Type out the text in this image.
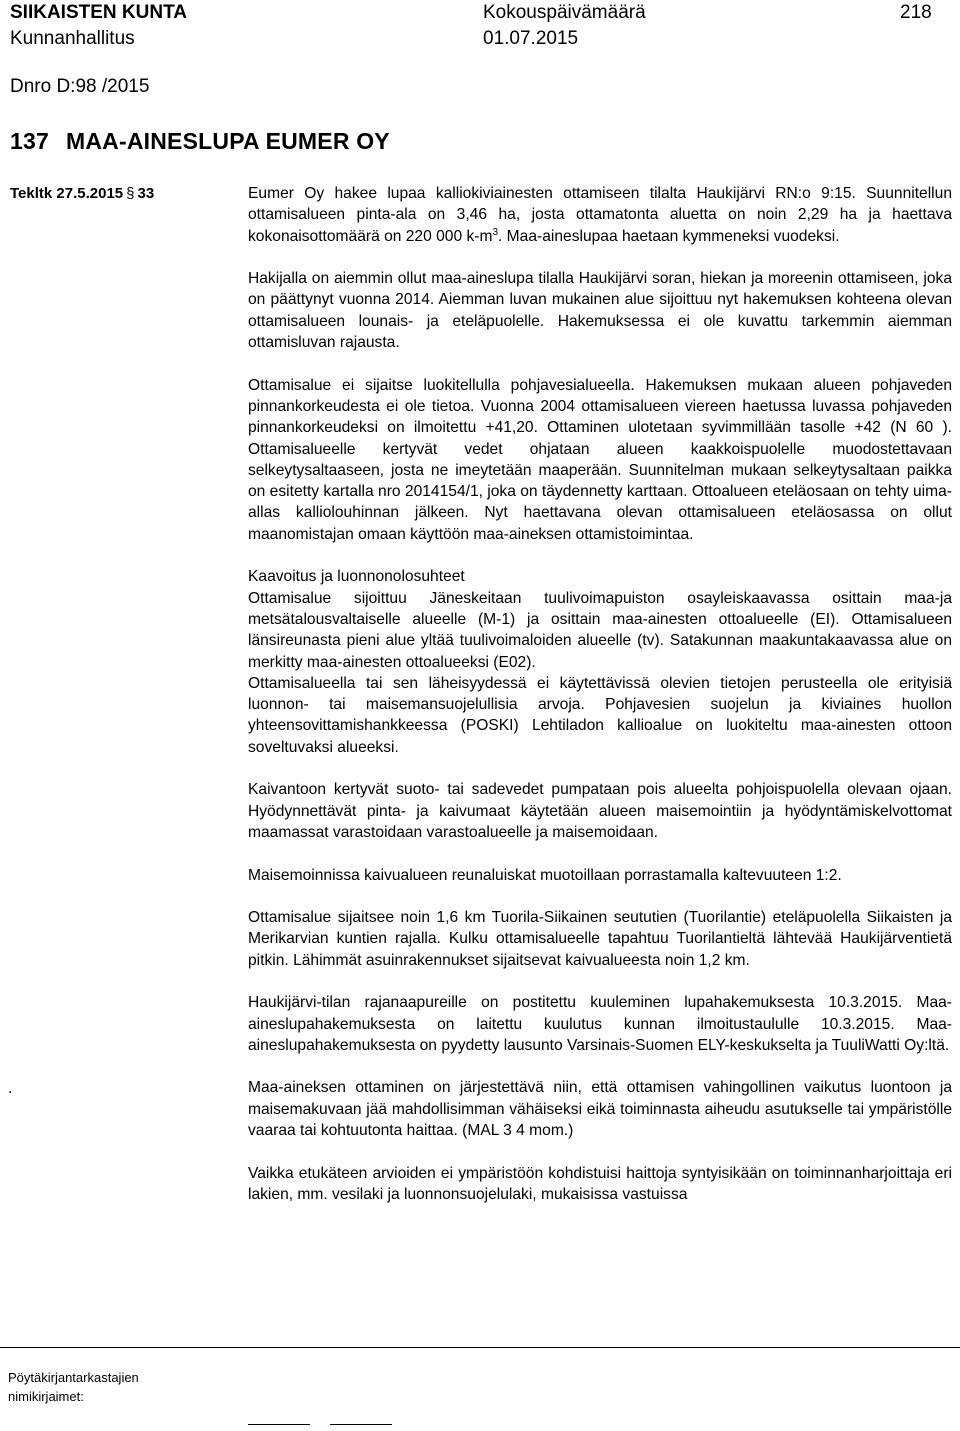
SIIKAISTEN KUNTA
Kunnanhallitus
Kokouspäivämäärä
01.07.2015
218
Dnro D:98 /2015
137 MAA-AINESLUPA EUMER OY
Tekltk 27.5.2015 § 33
.

Eumer Oy hakee lupaa kalliokiviainesten ottamiseen tilalta Haukijärvi RN:o 9:15. Suunnitellun ottamisalueen pinta-ala on 3,46 ha, josta ottamatonta aluetta on noin 2,29 ha ja haettava kokonaisottomäärä on 220 000 $k-m^3$. Maa-aineslupaa haetaan kymmeneksi vuodeksi.

Hakijalla on aiemmin ollut maa-aineslupa tilalla Haukijärvi soran, hiekan ja moreenin ottamiseen, joka on päättynyt vuonna 2014. Aiemman luvan mukainen alue sijoittuu nyt hakemuksen kohteena olevan ottamisalueen lounais- ja eteläpuolelle. Hakemuksessa ei ole kuvattu tarkemmin aiemman ottamisluvan rajausta.

Ottamisalue ei sijaitse luokitellulla pohjavesialueella. Hakemuksen mukaan alueen pohjaveden pinnankorkeudesta ei ole tietoa. Vuonna 2004 ottamisalueen viereen haetussa luvassa pohjaveden pinnankorkeudeksi on ilmoitettu +41,20. Ottaminen ulotetaan syvimmillään tasolle +42 (N 60 ). Ottamisalueelle kertyvät vedet ohjataan alueen kaakkoispuolelle muodostettavaan selkeytysaltaaseen, josta ne imeytetään maaperään. Suunnitelman mukaan selkeytysaltaan paikka on esitetty kartalla nro 2014154/1, joka on täydennetty karttaan. Ottoalueen eteläosaan on tehty uima-allas kalliolouhinnan jälkeen. Nyt haettavana olevan ottamisalueen eteläosassa on ollut maanomistajan omaan käyttöön maa-aineksen ottamistoimintaa.

Kaavoitus ja luonnonolosuhteet

Ottamisalue sijoittuu Jäneskeitaan tuulivoimapuiston osayleiskaavassa osittain maa-ja metsätalousvaltaiselle alueelle (M-1) ja osittain maa-ainesten ottoalueelle (EI). Ottamisalueen länsireunasta pieni alue yltää tuulivoimaloiden alueelle (tv). Satakunnan maakuntakaavassa alue on merkitty maa-ainesten ottoalueeksi (E02).

Ottamisalueella tai sen läheisyydessä ei käytettävissä olevien tietojen perusteella ole erityisiä luonnon- tai maisemansuojelullisia arvoja. Pohjavesien suojelun ja kiviaines huollon yhteensovittamishankkeessa (POSKI) Lehtiladon kallioalue on luokiteltu maa-ainesten ottoon soveltuvaksi alueeksi.

Kaivantoon kertyvät suoto- tai sadevedet pumpataan pois alueelta pohjoispuolella olevaan ojaan. Hyödynnettävät pinta- ja kaivumaat käytetään alueen maisemointiin ja hyödyntämiskelvottomat maamassat varastoidaan varastoalueelle ja maisemoidaan.

Maisemoinnissa kaivualueen reunaluiskat muotoillaan porrastamalla kaltevuuteen 1:2.

Ottamisalue sijaitsee noin 1,6 km Tuorila-Siikainen seututien (Tuorilantie) eteläpuolella Siikaisten ja Merikarvian kuntien rajalla. Kulku ottamisalueelle tapahtuu Tuorilantieltä lähtevää Haukijärventietä pitkin. Lähimmät asuinrakennukset sijaitsevat kaivualueesta noin 1,2 km.

Haukijärvi-tilan rajanaapureille on postitettu kuuleminen lupahakemuksesta 10.3.2015. Maa-aineslupahakemuksesta on laitettu kuulutus kunnan ilmoitustaululle 10.3.2015. Maa-aineslupahakemuksesta on pyydetty lausunto Varsinais-Suomen ELY-keskukselta ja TuuliWatti Oy:ltä.

Maa-aineksen ottaminen on järjestettävä niin, että ottamisen vahingollinen vaikutus luontoon ja maisemakuvaan jää mahdollisimman vähäiseksi eikä toiminnasta aiheudu asutukselle tai ympäristölle vaaraa tai kohtuutonta haittaa. (MAL 3 4 mom.)

Vaikka etukäteen arvioiden ei ympäristöön kohdistuisi haittoja syntyisikään on toiminnanharjoittaja eri lakien, mm. vesilaki ja luonnonsuojelulaki, mukaisissa vastuissa

Pöytäkirjantarkastajien
nimikirjaimet:
